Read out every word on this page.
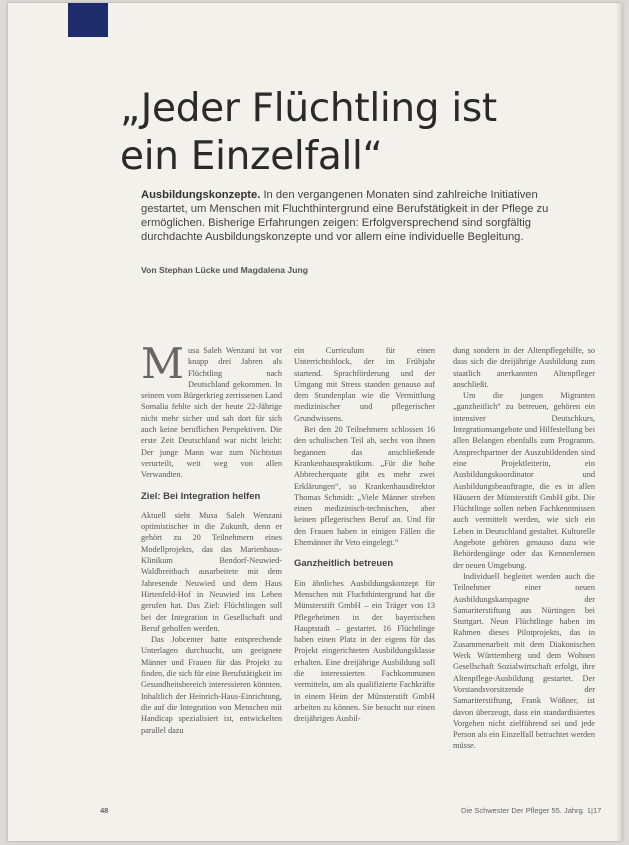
„Jeder Flüchtling ist
ein Einzelfall“

Ausbildungskonzepte. In den vergangenen Monaten sind zahlreiche Initiativen gestartet, um Menschen mit Fluchthintergrund eine Berufstätigkeit in der Pflege zu ermöglichen. Bisherige Erfahrungen zeigen: Erfolgversprechend sind sorgfältig durchdachte Ausbildungskonzepte und vor allem eine individuelle Begleitung.

Von Stephan Lücke und Magdalena Jung

M usa Saleh Wenzani ist vor knapp drei Jahren als Flüchtling nach Deutschland gekommen. In seinem vom Bürgerkrieg zerrissenen Land Somalia fehlte sich der heute 22-Jährige nicht mehr sicher und sah dort für sich auch keine beruflichen Perspektiven. Die erste Zeit Deutschland war nicht leicht: Der junge Mann war zum Nichtstun verurteilt, weit weg von allen Verwandten.

Ziel: Bei Integration helfen

Aktuell sieht Musa Saleh Wenzani optimistischer in die Zukunft, denn er gehört zu 20 Teilnehmern eines Modellprojekts, das das Marienhaus-Klinikum Bendorf-Neuwied-Waldbreitbach ausarbeitete mit dem Jahresende Neuwied und dem Haus Hirtenfeld-Hof in Neuwied ins Leben gerufen hat. Das Ziel: Flüchtlingen soll bei der Integration in Gesellschaft und Beruf geholfen werden.

Das Jobcenter hatte entsprechende Unterlagen durchsucht, um geeignete Männer und Frauen für das Projekt zu finden, die sich für eine Berufstätigkeit im Gesundheitsbereich interessieren könnten. Inhaltlich der Heinrich-Haus-Einrichtung, die auf die Integration von Menschen mit Handicap spezialisiert ist, entwickelten parallel dazu

ein Curriculum für einen Unterrichtsblock, der im Frühjahr startend. Sprachförderung und der Umgang mit Stress standen genauso auf dem Stundenplan wie die Vermittlung medizinischer und pflegerischer Grundwissens.

Bei den 20 Teilnehmern schlossen 16 den schulischen Teil ab, sechs von ihnen begannen das anschließende Krankenhauspraktikum. „Für die hohe Abbrecherquote gibt es mehr zwei Erklärungen“, so Krankenhausdirektor Thomas Schmidt: „Viele Männer streben einen medizinisch-technischen, aber keinen pflegerischen Beruf an. Und für den Frauen haben in einigen Fällen die Ehemänner ihr Veto eingelegt.“

Ganzheitlich betreuen

Ein ähnliches Ausbildungskonzept für Menschen mit Fluchthintergrund hat die Münsterstift GmbH – ein Träger von 13 Pflegeheimen in der bayerischen Hauptstadt – gestartet. 16 Flüchtlinge haben einen Platz in der eigens für das Projekt eingerichteten Ausbildungsklasse erhalten. Eine dreijährige Ausbildung soll die interessierten Fachkommunen vermitteln, um als qualifizierte Fachkräfte in einem Heim der Münsterstift GmbH arbeiten zu können. Sie besucht nur einen dreijährigen Ausbil-

dung sondern in der Altenpflegehilfe, so dass sich die dreijährige Ausbildung zum staatlich anerkannten Altenpfleger anschließt.

Um die jungen Migranten „ganzheitlich“ zu betreuen, gehören ein intensiver Deutschkurs, Integrationsangebote und Hilfestellung bei allen Belangen ebenfalls zum Programm. Ansprechpartner der Auszubildenden sind eine Projektleiterin, ein Ausbildungskoordinator und Ausbildungsbeauftragte, die es in allen Häusern der Münsterstift GmbH gibt. Die Flüchtlinge sollen neben Fachkenntnissen auch vermittelt werden, wie sich ein Leben in Deutschland gestaltet. Kulturelle Angebote gehören genauso dazu wie Behördengänge oder das Kennenlernen der neuen Umgebung.

Individuell begleitet werden auch die Teilnehmer einer neuen Ausbildungskampagne der Samariterstiftung aus Nürtingen bei Stuttgart. Neun Flüchtlinge haben im Rahmen dieses Pilotprojekts, das in Zusammenarbeit mit dem Diakonischen Werk Württemberg und dem Wohnen Gesellschaft Sozialwirtschaft erfolgt, ihre Altenpflege-Ausbildung gestartet. Der Vorstandsvorsitzende der Samariterstiftung, Frank Wößner, ist davon überzeugt, dass ein standardisiertes Vorgehen nicht zielführend sei und jede Person als ein Einzelfall betrachtet werden müsse.

48	Die Schwester Der Pfleger 55. Jahrg. 1|17
